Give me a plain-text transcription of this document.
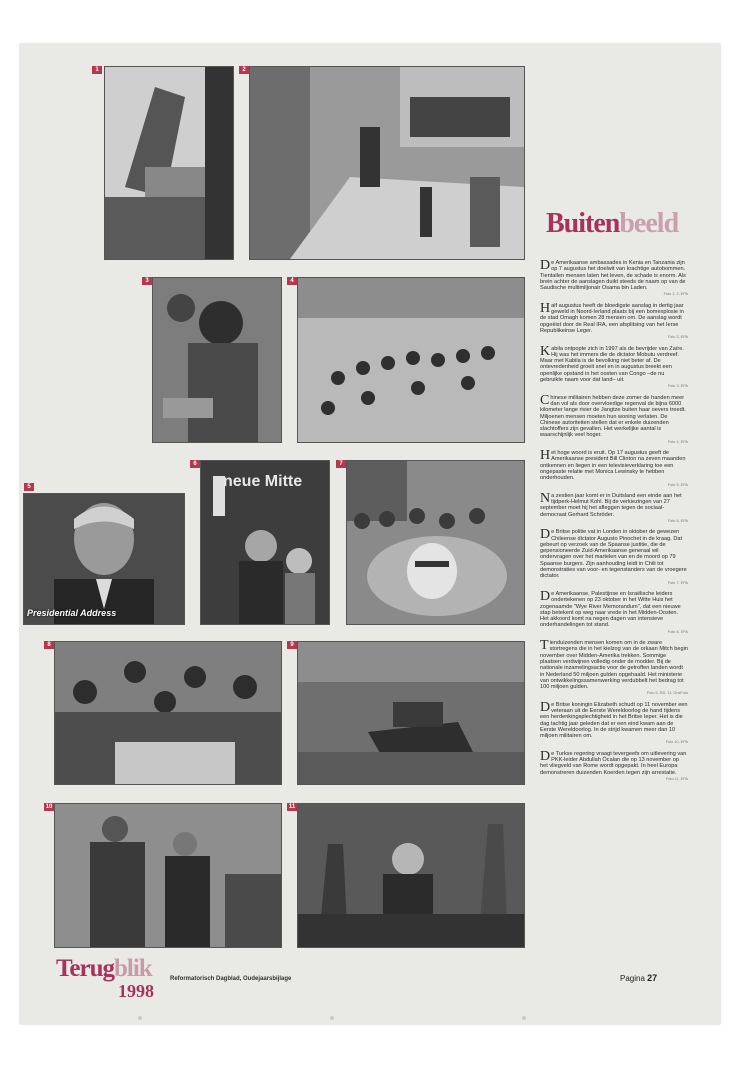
1	2
3	4
Presidential Address
5	neue Mitte
6	7
8	9
10	11
Buitenbeeld

De Amerikaanse ambassades in Kenia en Tanzania zijn op 7 augustus het doelwit van krachtige autobommen. Tientallen mensen laten het leven, de schade is enorm. Als brein achter de aanslagen duikt steeds de naam op van de Saudische multimiljonair Osama bin Laden.
Foto 1, 2, EPA

Half augustus heeft de bloedigste aanslag in dertig jaar geweld in Noord-Ierland plaats bij een bomexplosie in de stad Omagh komen 28 mensen om. De aanslag wordt opgeëist door de Real IRA, een afsplitsing van het Ierse Republikeinse Leger.
Foto 3, EPA

Kabila ontpopte zich in 1997 als de bevrijder van Zaïre. Hij was het immers die de dictator Mobutu verdreef. Maar met Kabila is de bevolking niet beter af. De ontevredenheid groeit snel en in augustus breekt een openlijke opstand in het oosten van Congo –de nu gebruikte naam voor dat land– uit.
Foto 3, EPA

Chinese militairen hebben deze zomer de handen meer dan vol als door overvloedige regenval de bijna 6000 kilometer lange rivier de Jangtze buiten haar oevers treedt. Miljoenen mensen moeten hun woning verlaten. De Chinese autoriteiten stellen dat er enkele duizenden slachtoffers zijn gevallen. Het werkelijke aantal is waarschijnlijk veel hoger.
Foto 4, EPA

Het hoge woord is eruit. Op 17 augustus geeft de Amerikaanse president Bill Clinton na zeven maanden ontkennen en liegen in een televisieverklaring toe een ongepaste relatie met Monica Lewinsky te hebben onderhouden.
Foto 5, EPA

Na zestien jaar komt er in Duitsland een einde aan het tijdperk-Helmut Kohl. Bij de verkiezingen van 27 september moet hij het afleggen tegen de sociaal-democraat Gerhard Schröder.
Foto 6, EPA

De Britse politie vat in Londen in oktober de gewezen Chileense dictator Augusto Pinochet in de kraag. Dat gebeurt op verzoek van de Spaanse justitie, die de gepensioneerde Zuid-Amerikaanse generaal wil ondervragen over het martelen van en de moord op 79 Spaanse burgers. Zijn aanhouding leidt in Chili tot demonstraties van voor- en tegenstanders van de vroegere dictator.
Foto 7, EPA

De Amerikaanse, Palestijnse en Israëlische leiders ondertekenen op 23 oktober in het Witte Huis het zogenaamde "Wye River Memorandum", dat een nieuwe stap betekent op weg naar vrede in het Midden-Oosten. Het akkoord komt na negen dagen van intensieve onderhandelingen tot stand.
Foto 8, EPA

Tienduizenden mensen komen om in de zware stortregens die in het kielzog van de orkaan Mitch begin november over Midden-Amerika trekken. Sommige plaatsen verdwijnen volledig onder de modder. Bij de nationale inzamelingsactie voor de getroffen landen wordt in Nederland 50 miljoen gulden opgehaald. Het ministerie van ontwikkelingssamenwerking verdubbelt het bedrag tot 100 miljoen gulden.
Foto 9, RD, 11, OnsFoto

De Britse koningin Elizabeth schudt op 11 november een veteraan uit de Eerste Wereldoorlog de hand tijdens een herdenkingsplechtigheid in het Britse Ieper. Het is die dag tachtig jaar geleden dat er een eind kwam aan de Eerste Wereldoorlog. In de strijd kwamen meer dan 10 miljoen militairen om.
Foto 10, EPA

De Turkse regering vraagt tevergeefs om uitlevering van PKK-leider Abdullah Öcalan die op 13 november op het vliegveld van Rome wordt opgepakt. In heel Europa demonstreren duizenden Koerden tegen zijn arrestatie.
Foto 11, EPA

Terugblik
1998
Reformatorisch Dagblad, Oudejaarsbijlage	Pagina 27
